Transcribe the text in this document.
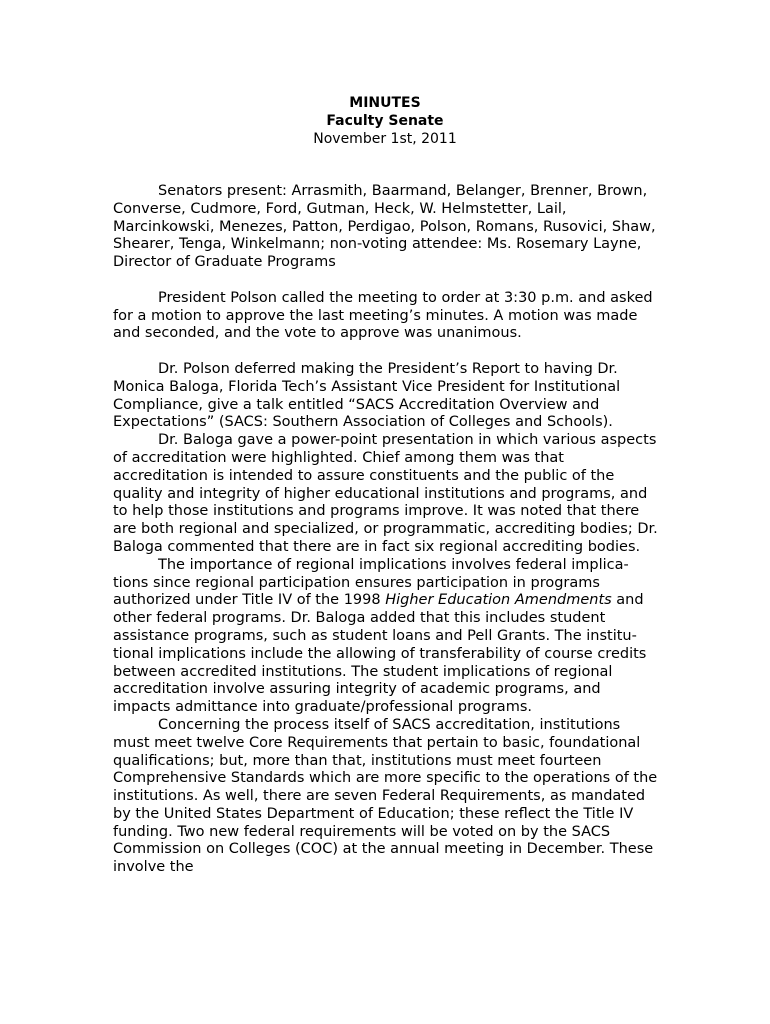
MINUTES
Faculty Senate
November 1st, 2011

Senators present: Arrasmith, Baarmand, Belanger, Brenner, Brown, Converse, Cudmore, Ford, Gutman, Heck, W. Helmstetter, Lail, Marcinkowski, Menezes, Patton, Perdigao, Polson, Romans, Rusovici, Shaw, Shearer, Tenga, Winkelmann; non-voting attendee: Ms. Rosemary Layne, Director of Graduate Programs

President Polson called the meeting to order at 3:30 p.m. and asked for a motion to approve the last meeting’s minutes. A motion was made and seconded, and the vote to approve was unanimous.

Dr. Polson deferred making the President’s Report to having Dr. Monica Baloga, Florida Tech’s Assistant Vice President for Institutional Compliance, give a talk entitled “SACS Accreditation Overview and Expectations” (SACS: Southern Association of Colleges and Schools).

Dr. Baloga gave a power-point presentation in which various aspects of accreditation were highlighted. Chief among them was that accreditation is intended to assure constituents and the public of the quality and integrity of higher educational institutions and programs, and to help those institutions and programs improve. It was noted that there are both regional and specialized, or programmatic, accrediting bodies; Dr. Baloga commented that there are in fact six regional accrediting bodies.

The importance of regional implications involves federal implica-tions since regional participation ensures participation in programs authorized under Title IV of the 1998 Higher Education Amendments and other federal programs. Dr. Baloga added that this includes student assistance programs, such as student loans and Pell Grants. The institu-tional implications include the allowing of transferability of course credits between accredited institutions. The student implications of regional accreditation involve assuring integrity of academic programs, and impacts admittance into graduate/professional programs.

Concerning the process itself of SACS accreditation, institutions must meet twelve Core Requirements that pertain to basic, foundational qualifications; but, more than that, institutions must meet fourteen Comprehensive Standards which are more specific to the operations of the institutions. As well, there are seven Federal Requirements, as mandated by the United States Department of Education; these reflect the Title IV funding. Two new federal requirements will be voted on by the SACS Commission on Colleges (COC) at the annual meeting in December. These involve the
